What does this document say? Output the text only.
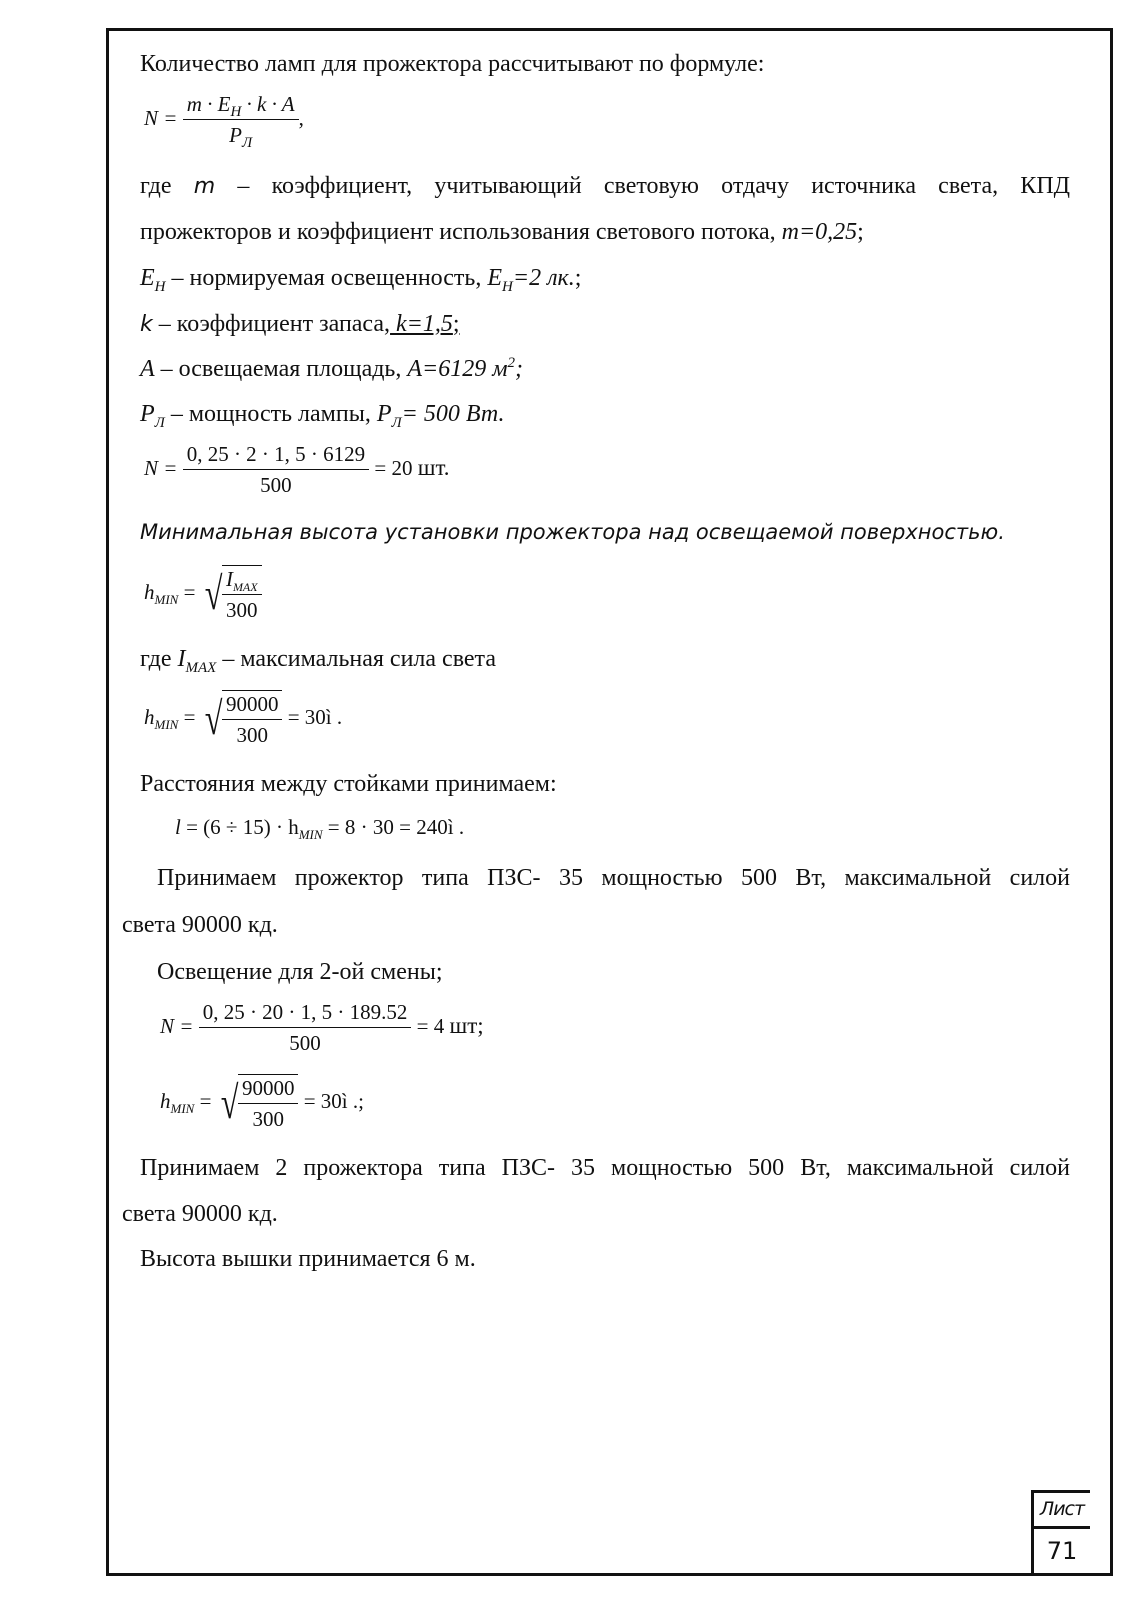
Лист
71
Количество ламп для прожектора рассчитывают по формуле:
$N = \frac{m \cdot E_Н \cdot k \cdot A}{P_Л}$ ,
где m – коэффициент, учитывающий световую отдачу источника света, КПД
прожекторов и коэффициент использования светового потока, m=0,25;
$E_Н$ – нормируемая освещенность, $E_Н=2$ лк.;
k – коэффициент запаса, k=1,5;
A – освещаемая площадь, A=6129 $м^2$;
$P_Л$ – мощность лампы, $P_Л= 500$ Вт.
$N = \frac{0, 25 \cdot 2 \cdot 1, 5 \cdot 6129}{500} = 20$ шт.
Минимальная высота установки прожектора над освещаемой поверхностью.
$h_{MIN}$ = √ $\frac{I_{MAX}}{300}$
где $I_{MAX}$ – максимальная сила света
$h_{MIN}$ = √ $\frac{90000}{300}$ = 30ì .
Расстояния между стойками принимаем:
$l = (6 \div 15) \cdot h_{MIN} = 8 \cdot 30$ = 240ì .
Принимаем прожектор типа ПЗС- 35 мощностью 500 Вт, максимальной силой
света 90000 кд.
Освещение для 2-ой смены;
$N = \frac{0, 25 \cdot 20 \cdot 1, 5 \cdot 189.52}{500} = 4$ шт;
$h_{MIN}$ = √ $\frac{90000}{300}$ = 30ì .;
Принимаем 2 прожектора типа ПЗС- 35 мощностью 500 Вт, максимальной силой
света 90000 кд.
Высота вышки принимается 6 м.
